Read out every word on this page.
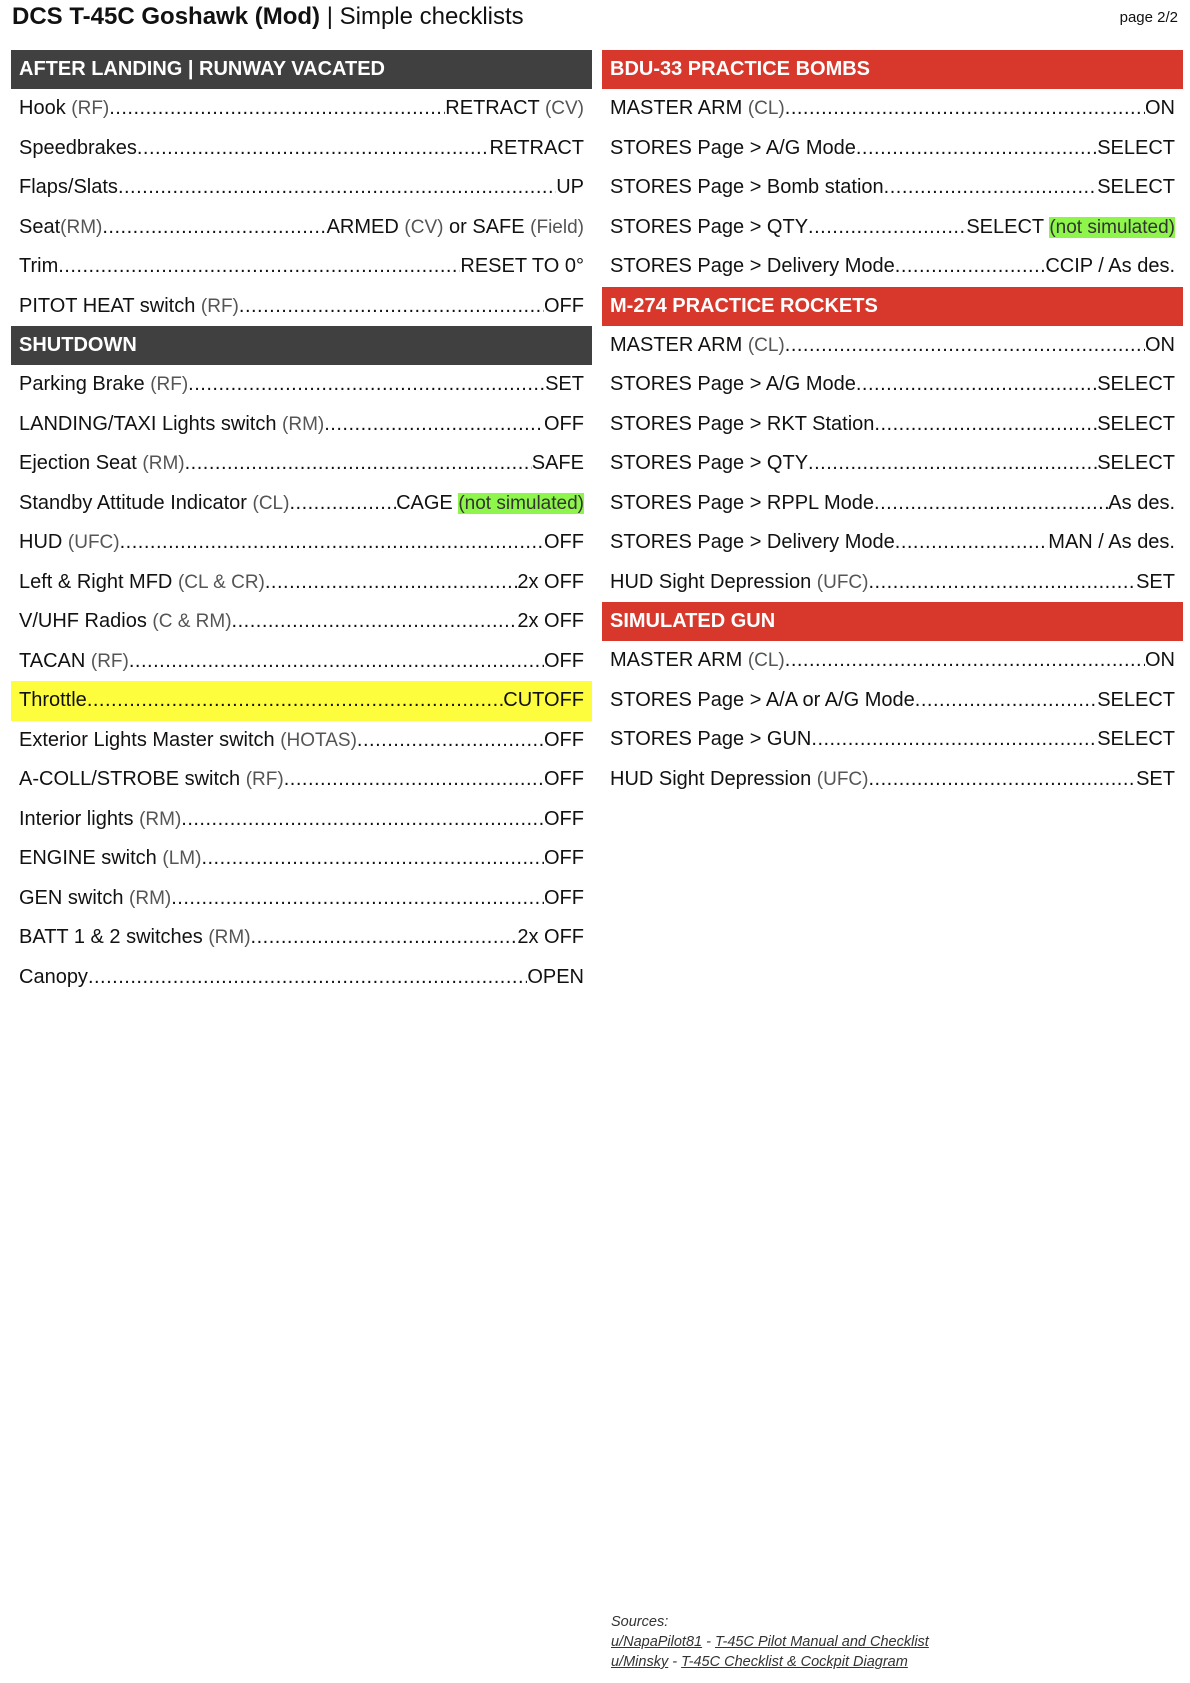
DCS T-45C Goshawk (Mod) | Simple checklists	page 2/2
AFTER LANDING | RUNWAY VACATED
Hook (RF) .....	RETRACT (CV)
Speedbrakes .....	RETRACT
Flaps/Slats .....	UP
Seat(RM) .....	ARMED (CV) or SAFE (Field)
Trim .....	RESET TO 0°
PITOT HEAT switch (RF) .....	OFF
SHUTDOWN
Parking Brake (RF) .....	SET
LANDING/TAXI Lights switch (RM) .....	OFF
Ejection Seat (RM) .....	SAFE
Standby Attitude Indicator (CL) .....	CAGE (not simulated)
HUD (UFC) .....	OFF
Left & Right MFD (CL & CR) .....	2x OFF
V/UHF Radios (C & RM) .....	2x OFF
TACAN (RF) .....	OFF
Throttle .....	CUTOFF
Exterior Lights Master switch (HOTAS) .....	OFF
A-COLL/STROBE switch (RF) .....	OFF
Interior lights (RM) .....	OFF
ENGINE switch (LM) .....	OFF
GEN switch (RM) .....	OFF
BATT 1 & 2 switches (RM) .....	2x OFF
Canopy .....	OPEN
BDU-33 PRACTICE BOMBS
MASTER ARM (CL) .....	ON
STORES Page > A/G Mode .....	SELECT
STORES Page > Bomb station .....	SELECT
STORES Page > QTY .....	SELECT (not simulated)
STORES Page > Delivery Mode .....	CCIP / As des.
M-274 PRACTICE ROCKETS
MASTER ARM (CL) .....	ON
STORES Page > A/G Mode .....	SELECT
STORES Page > RKT Station .....	SELECT
STORES Page > QTY .....	SELECT
STORES Page > RPPL Mode .....	As des.
STORES Page > Delivery Mode .....	MAN / As des.
HUD Sight Depression (UFC) .....	SET
SIMULATED GUN
MASTER ARM (CL) .....	ON
STORES Page > A/A or A/G Mode .....	SELECT
STORES Page > GUN .....	SELECT
HUD Sight Depression (UFC) .....	SET
Sources:
u/NapaPilot81 - T-45C Pilot Manual and Checklist
u/Minsky - T-45C Checklist & Cockpit Diagram
